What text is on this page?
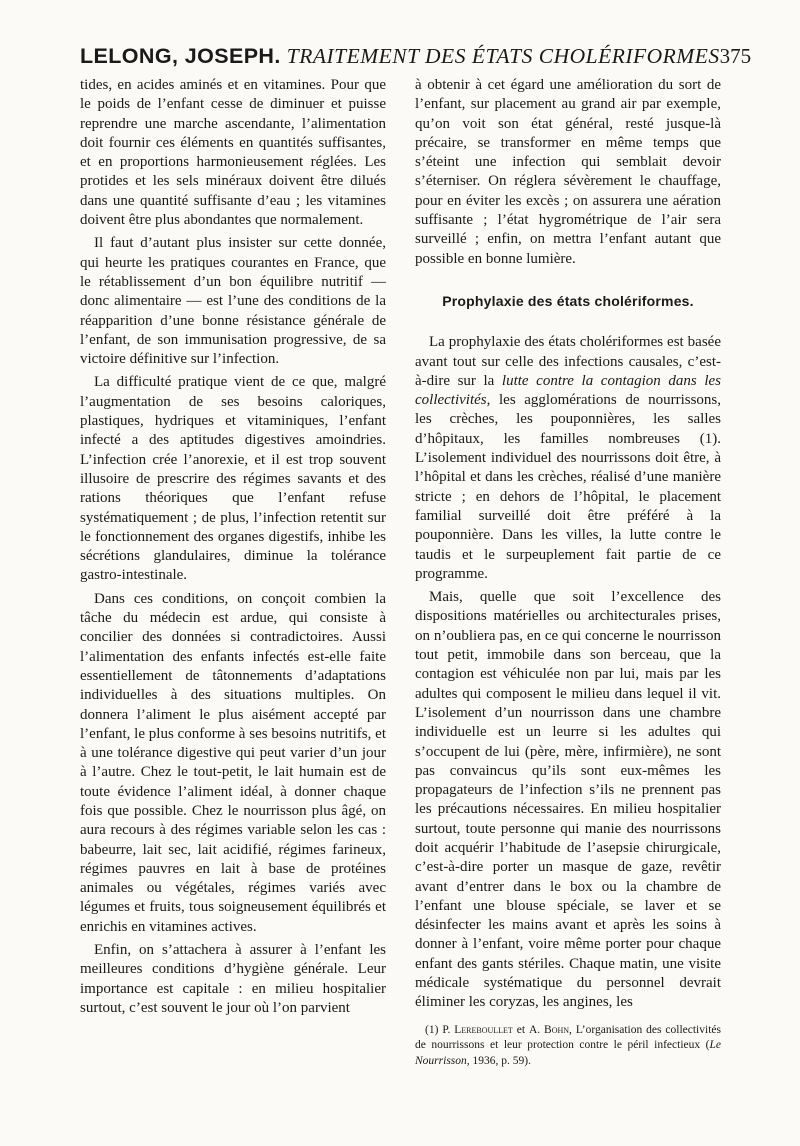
LELONG, JOSEPH. TRAITEMENT DES ÉTATS CHOLÉRIFORMES 375

tides, en acides aminés et en vitamines. Pour que le poids de l’enfant cesse de diminuer et puisse reprendre une marche ascendante, l’alimentation doit fournir ces éléments en quantités suffisantes, et en proportions harmonieusement réglées. Les protides et les sels minéraux doivent être dilués dans une quantité suffisante d’eau ; les vitamines doivent être plus abondantes que normalement.

Il faut d’autant plus insister sur cette donnée, qui heurte les pratiques courantes en France, que le rétablissement d’un bon équilibre nutritif — donc alimentaire — est l’une des conditions de la réapparition d’une bonne résistance générale de l’enfant, de son immunisation progressive, de sa victoire définitive sur l’infection.

La difficulté pratique vient de ce que, malgré l’augmentation de ses besoins caloriques, plastiques, hydriques et vitaminiques, l’enfant infecté a des aptitudes digestives amoindries. L’infection crée l’anorexie, et il est trop souvent illusoire de prescrire des régimes savants et des rations théoriques que l’enfant refuse systématiquement ; de plus, l’infection retentit sur le fonctionnement des organes digestifs, inhibe les sécrétions glandulaires, diminue la tolérance gastro-intestinale.

Dans ces conditions, on conçoit combien la tâche du médecin est ardue, qui consiste à concilier des données si contradictoires. Aussi l’alimentation des enfants infectés est-elle faite essentiellement de tâtonnements d’adaptations individuelles à des situations multiples. On donnera l’aliment le plus aisément accepté par l’enfant, le plus conforme à ses besoins nutritifs, et à une tolérance digestive qui peut varier d’un jour à l’autre. Chez le tout-petit, le lait humain est de toute évidence l’aliment idéal, à donner chaque fois que possible. Chez le nourrisson plus âgé, on aura recours à des régimes variable selon les cas : babeurre, lait sec, lait acidifié, régimes farineux, régimes pauvres en lait à base de protéines animales ou végétales, régimes variés avec légumes et fruits, tous soigneusement équilibrés et enrichis en vitamines actives.

Enfin, on s’attachera à assurer à l’enfant les meilleures conditions d’hygiène générale. Leur importance est capitale : en milieu hospitalier surtout, c’est souvent le jour où l’on parvient

à obtenir à cet égard une amélioration du sort de l’enfant, sur placement au grand air par exemple, qu’on voit son état général, resté jusque-là précaire, se transformer en même temps que s’éteint une infection qui semblait devoir s’éterniser. On réglera sévèrement le chauffage, pour en éviter les excès ; on assurera une aération suffisante ; l’état hygrométrique de l’air sera surveillé ; enfin, on mettra l’enfant autant que possible en bonne lumière.

Prophylaxie des états cholériformes.

La prophylaxie des états cholériformes est basée avant tout sur celle des infections causales, c’est-à-dire sur la lutte contre la contagion dans les collectivités, les agglomérations de nourrissons, les crèches, les pouponnières, les salles d’hôpitaux, les familles nombreuses (1). L’isolement individuel des nourrissons doit être, à l’hôpital et dans les crèches, réalisé d’une manière stricte ; en dehors de l’hôpital, le placement familial surveillé doit être préféré à la pouponnière. Dans les villes, la lutte contre le taudis et le surpeuplement fait partie de ce programme.

Mais, quelle que soit l’excellence des dispositions matérielles ou architecturales prises, on n’oubliera pas, en ce qui concerne le nourrisson tout petit, immobile dans son berceau, que la contagion est véhiculée non par lui, mais par les adultes qui composent le milieu dans lequel il vit. L’isolement d’un nourrisson dans une chambre individuelle est un leurre si les adultes qui s’occupent de lui (père, mère, infirmière), ne sont pas convaincus qu’ils sont eux-mêmes les propagateurs de l’infection s’ils ne prennent pas les précautions nécessaires. En milieu hospitalier surtout, toute personne qui manie des nourrissons doit acquérir l’habitude de l’asepsie chirurgicale, c’est-à-dire porter un masque de gaze, revêtir avant d’entrer dans le box ou la chambre de l’enfant une blouse spéciale, se laver et se désinfecter les mains avant et après les soins à donner à l’enfant, voire même porter pour chaque enfant des gants stériles. Chaque matin, une visite médicale systématique du personnel devrait éliminer les coryzas, les angines, les

(1) P. Lereboullet et A. Bohn, L’organisation des collectivités de nourrissons et leur protection contre le péril infectieux (Le Nourrisson, 1936, p. 59).
